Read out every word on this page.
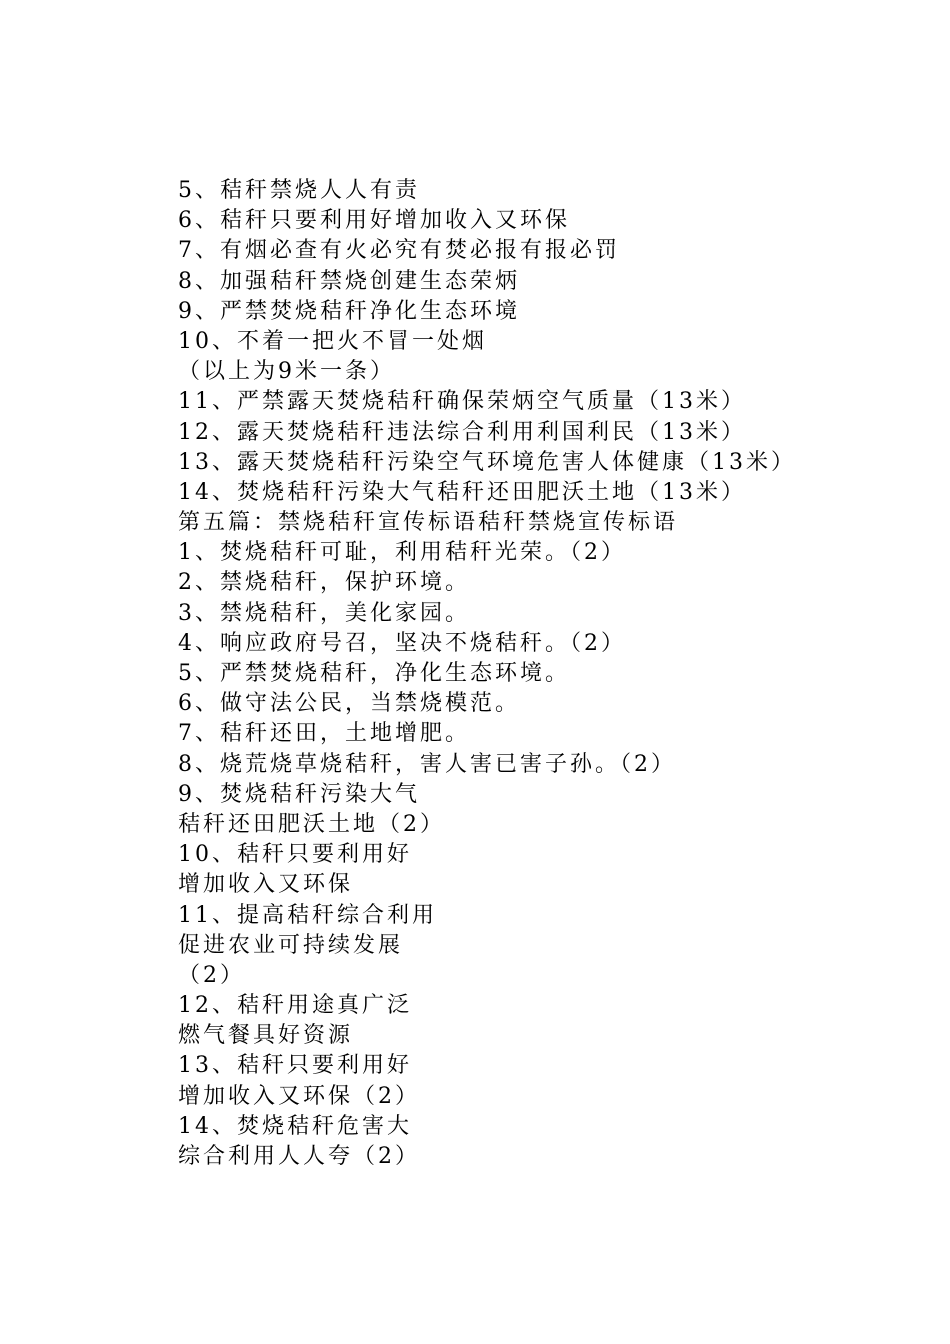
5、秸秆禁烧人人有责
6、秸秆只要利用好增加收入又环保
7、有烟必查有火必究有焚必报有报必罚
8、加强秸秆禁烧创建生态荣炳
9、严禁焚烧秸秆净化生态环境
10、不着一把火不冒一处烟
（以上为9米一条）
11、严禁露天焚烧秸秆确保荣炳空气质量（13米）
12、露天焚烧秸秆违法综合利用利国利民（13米）
13、露天焚烧秸秆污染空气环境危害人体健康（13米）
14、焚烧秸秆污染大气秸秆还田肥沃土地（13米）
第五篇：禁烧秸秆宣传标语秸秆禁烧宣传标语
1、焚烧秸秆可耻，利用秸秆光荣。（2）
2、禁烧秸秆，保护环境。
3、禁烧秸秆，美化家园。
4、响应政府号召，坚决不烧秸秆。（2）
5、严禁焚烧秸秆，净化生态环境。
6、做守法公民，当禁烧模范。
7、秸秆还田，土地增肥。
8、烧荒烧草烧秸秆，害人害已害子孙。（2）
9、焚烧秸秆污染大气
秸秆还田肥沃土地（2）
10、秸秆只要利用好
增加收入又环保
11、提高秸秆综合利用
促进农业可持续发展
（2）
12、秸秆用途真广泛
燃气餐具好资源
13、秸秆只要利用好
增加收入又环保（2）
14、焚烧秸秆危害大
综合利用人人夸（2）
